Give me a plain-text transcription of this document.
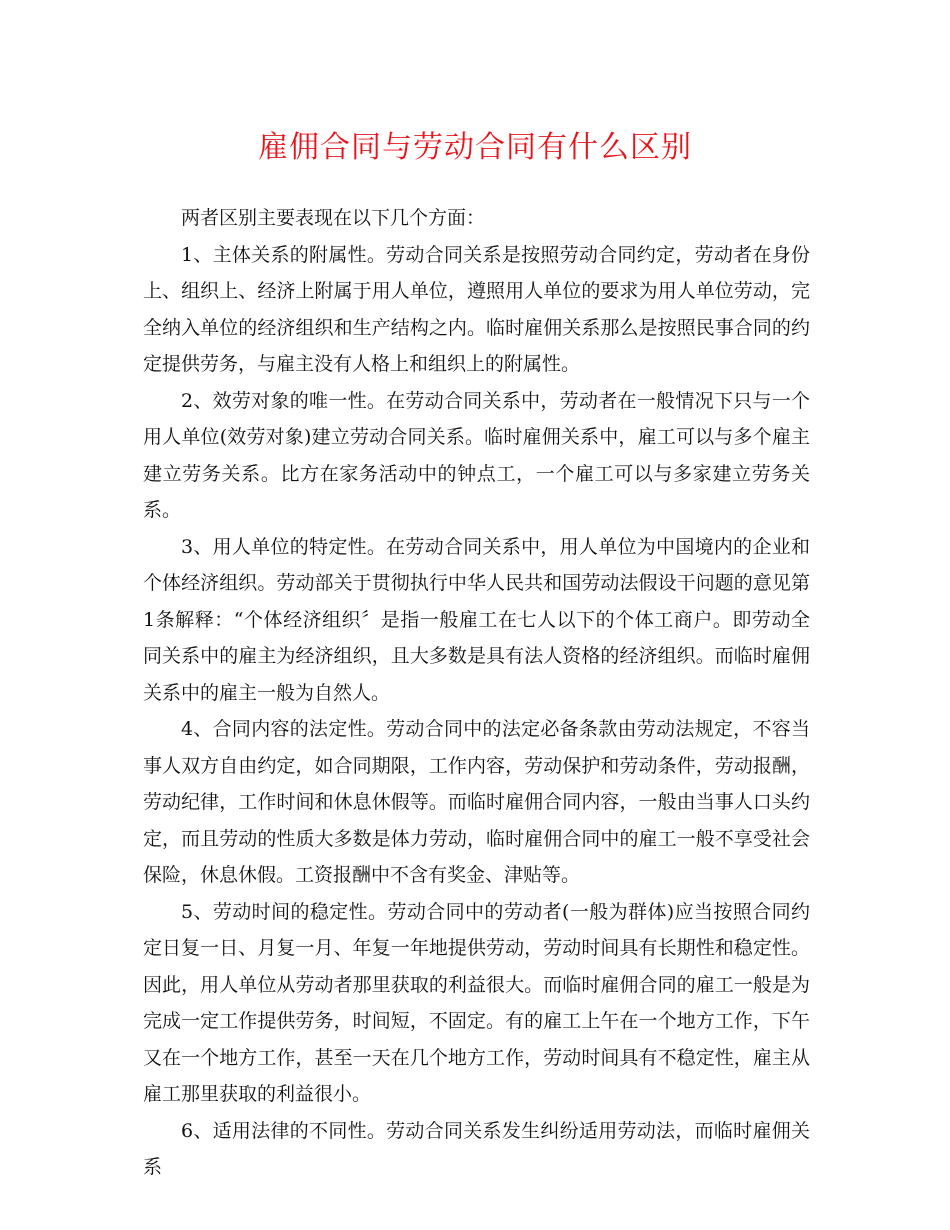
雇佣合同与劳动合同有什么区别

两者区别主要表现在以下几个方面：

1、主体关系的附属性。劳动合同关系是按照劳动合同约定，劳动者在身份上、组织上、经济上附属于用人单位，遵照用人单位的要求为用人单位劳动，完全纳入单位的经济组织和生产结构之内。临时雇佣关系那么是按照民事合同的约定提供劳务，与雇主没有人格上和组织上的附属性。

2、效劳对象的唯一性。在劳动合同关系中，劳动者在一般情况下只与一个用人单位(效劳对象)建立劳动合同关系。临时雇佣关系中，雇工可以与多个雇主建立劳务关系。比方在家务活动中的钟点工，一个雇工可以与多家建立劳务关系。

3、用人单位的特定性。在劳动合同关系中，用人单位为中国境内的企业和个体经济组织。劳动部关于贯彻执行中华人民共和国劳动法假设干问题的意见第1条解释：“个体经济组织〞是指一般雇工在七人以下的个体工商户。即劳动全同关系中的雇主为经济组织，且大多数是具有法人资格的经济组织。而临时雇佣关系中的雇主一般为自然人。

4、合同内容的法定性。劳动合同中的法定必备条款由劳动法规定，不容当事人双方自由约定，如合同期限，工作内容，劳动保护和劳动条件，劳动报酬，劳动纪律，工作时间和休息休假等。而临时雇佣合同内容，一般由当事人口头约定，而且劳动的性质大多数是体力劳动，临时雇佣合同中的雇工一般不享受社会保险，休息休假。工资报酬中不含有奖金、津贴等。

5、劳动时间的稳定性。劳动合同中的劳动者(一般为群体)应当按照合同约定日复一日、月复一月、年复一年地提供劳动，劳动时间具有长期性和稳定性。因此，用人单位从劳动者那里获取的利益很大。而临时雇佣合同的雇工一般是为完成一定工作提供劳务，时间短，不固定。有的雇工上午在一个地方工作，下午又在一个地方工作，甚至一天在几个地方工作，劳动时间具有不稳定性，雇主从雇工那里获取的利益很小。

6、适用法律的不同性。劳动合同关系发生纠纷适用劳动法，而临时雇佣关系
